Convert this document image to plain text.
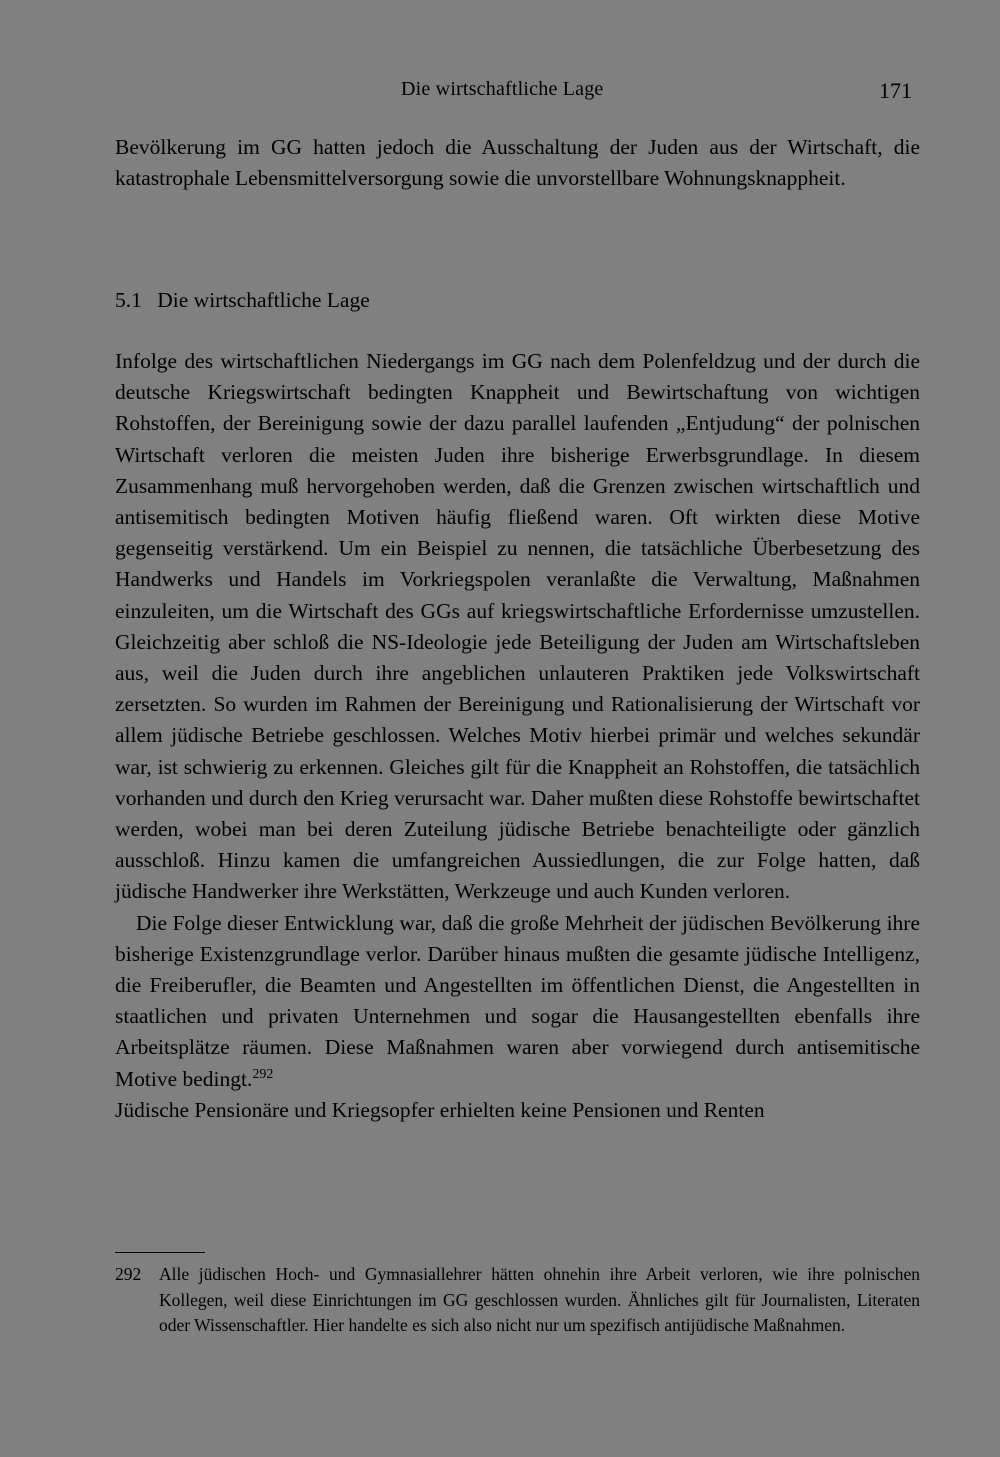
Die wirtschaftliche Lage	171

Bevölkerung im GG hatten jedoch die Ausschaltung der Juden aus der Wirtschaft, die katastrophale Lebensmittelversorgung sowie die unvorstellbare Wohnungsknappheit.

5.1 Die wirtschaftliche Lage

Infolge des wirtschaftlichen Niedergangs im GG nach dem Polenfeldzug und der durch die deutsche Kriegswirtschaft bedingten Knappheit und Bewirtschaftung von wichtigen Rohstoffen, der Bereinigung sowie der dazu parallel laufenden „Entjudung“ der polnischen Wirtschaft verloren die meisten Juden ihre bisherige Erwerbsgrundlage. In diesem Zusammenhang muß hervorgehoben werden, daß die Grenzen zwischen wirtschaftlich und antisemitisch bedingten Motiven häufig fließend waren. Oft wirkten diese Motive gegenseitig verstärkend. Um ein Beispiel zu nennen, die tatsächliche Überbesetzung des Handwerks und Handels im Vorkriegspolen veranlaßte die Verwaltung, Maßnahmen einzuleiten, um die Wirtschaft des GGs auf kriegswirtschaftliche Erfordernisse umzustellen. Gleichzeitig aber schloß die NS-Ideologie jede Beteiligung der Juden am Wirtschaftsleben aus, weil die Juden durch ihre angeblichen unlauteren Praktiken jede Volkswirtschaft zersetzten. So wurden im Rahmen der Bereinigung und Rationalisierung der Wirtschaft vor allem jüdische Betriebe geschlossen. Welches Motiv hierbei primär und welches sekundär war, ist schwierig zu erkennen. Gleiches gilt für die Knappheit an Rohstoffen, die tatsächlich vorhanden und durch den Krieg verursacht war. Daher mußten diese Rohstoffe bewirtschaftet werden, wobei man bei deren Zuteilung jüdische Betriebe benachteiligte oder gänzlich ausschloß. Hinzu kamen die umfangreichen Aussiedlungen, die zur Folge hatten, daß jüdische Handwerker ihre Werkstätten, Werkzeuge und auch Kunden verloren.

Die Folge dieser Entwicklung war, daß die große Mehrheit der jüdischen Bevölkerung ihre bisherige Existenzgrundlage verlor. Darüber hinaus mußten die gesamte jüdische Intelligenz, die Freiberufler, die Beamten und Angestellten im öffentlichen Dienst, die Angestellten in staatlichen und privaten Unternehmen und sogar die Hausangestellten ebenfalls ihre Arbeitsplätze räumen. Diese Maßnahmen waren aber vorwiegend durch antisemitische Motive bedingt.$^{292}$
Jüdische Pensionäre und Kriegsopfer erhielten keine Pensionen und Renten

292 Alle jüdischen Hoch- und Gymnasiallehrer hätten ohnehin ihre Arbeit verloren, wie ihre polnischen Kollegen, weil diese Einrichtungen im GG geschlossen wurden. Ähnliches gilt für Journalisten, Literaten oder Wissenschaftler. Hier handelte es sich also nicht nur um spezifisch antijüdische Maßnahmen.
